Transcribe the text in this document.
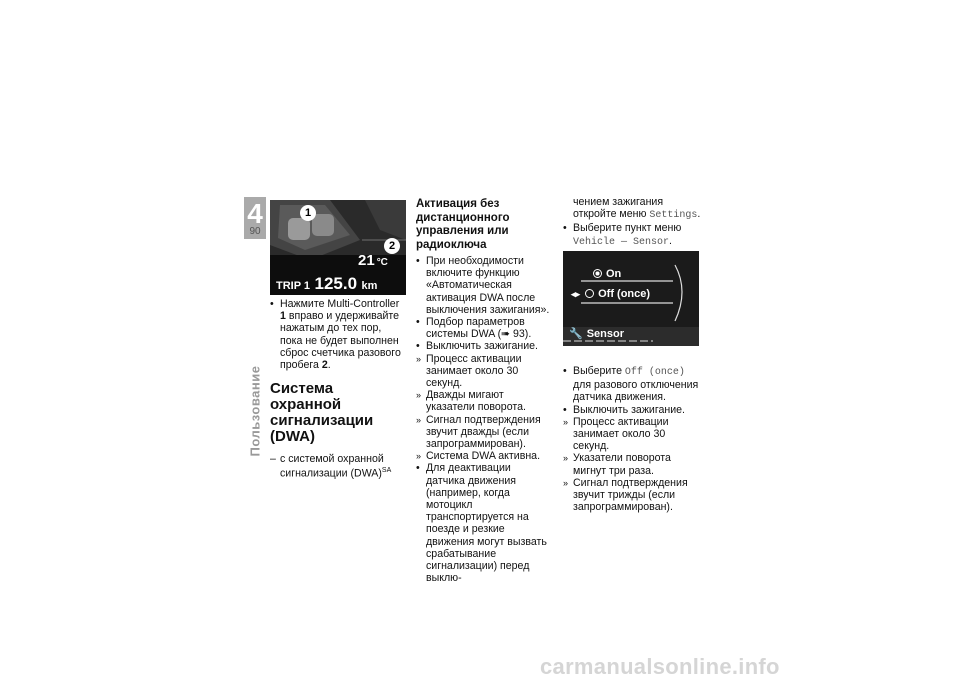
4
90
Пользование
1
2
21 °C
TRIP 1 125.0 km

• Нажмите Multi-Controller 1 вправо и удерживайте нажатым до тех пор, пока не будет выполнен сброс счетчика разового пробега 2.

Система охранной сигнализации (DWA)

– с системой охранной сигнализации (DWA)$^{SA}$

Активация без дистанционного управления или радиоключа

• При необходимости включите функцию «Автоматическая активация DWA после выключения зажигания».

• Подбор параметров системы DWA (➠ 93).

• Выключить зажигание.

» Процесс активации занимает около 30 секунд.

» Дважды мигают указатели поворота.

» Сигнал подтверждения звучит дважды (если запрограммирован).

» Система DWA активна.

• Для деактивации датчика движения (например, когда мотоцикл транспортируется на поезде и резкие движения могут вызвать срабатывание сигнализации) перед выклю-

чением зажигания откройте меню Settings.

• Выберите пункт меню Vehicle — Sensor.

On
◂▸ Off (once)
🔧 Sensor

• Выберите Off (once) для разового отключения датчика движения.

• Выключить зажигание.

» Процесс активации занимает около 30 секунд.

» Указатели поворота мигнут три раза.

» Сигнал подтверждения звучит трижды (если запрограммирован).

carmanualsonline.info
